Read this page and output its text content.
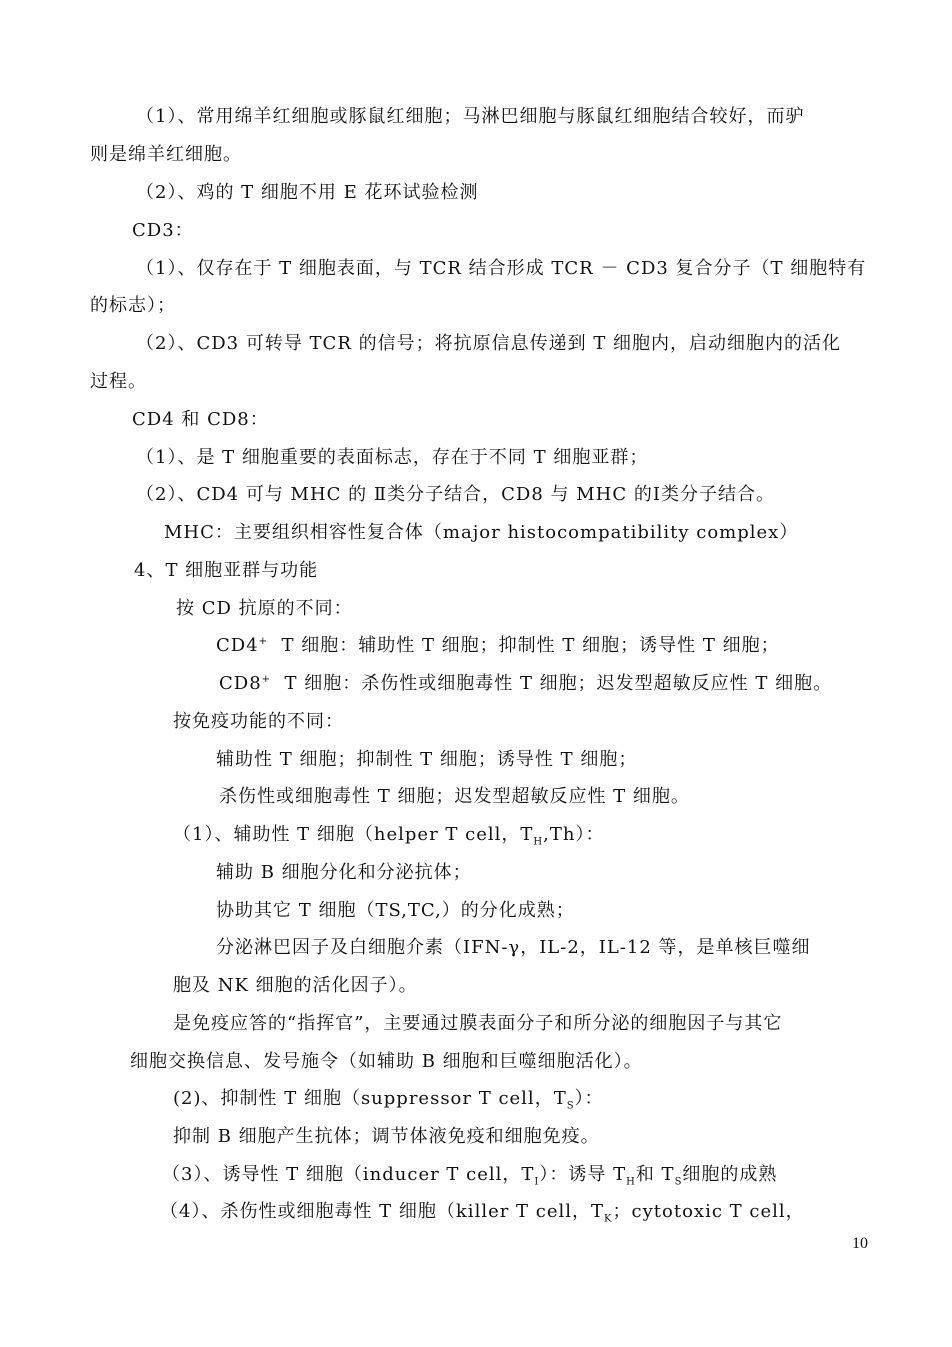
（1）、常用绵羊红细胞或豚鼠红细胞；马淋巴细胞与豚鼠红细胞结合较好，而驴
则是绵羊红细胞。
（2）、鸡的 T 细胞不用 E 花环试验检测
CD3：
（1）、仅存在于 T 细胞表面，与 TCR 结合形成 TCR － CD3 复合分子（T 细胞特有
的标志）；
（2）、CD3 可转导 TCR 的信号；将抗原信息传递到 T 细胞内，启动细胞内的活化
过程。
CD4 和 CD8：
（1）、是 T 细胞重要的表面标志，存在于不同 T 细胞亚群；
（2）、CD4 可与 MHC 的 Ⅱ类分子结合，CD8 与 MHC 的Ⅰ类分子结合。
MHC：主要组织相容性复合体（major histocompatibility complex）
4、T 细胞亚群与功能
按 CD 抗原的不同：
CD4+ T 细胞：辅助性 T 细胞；抑制性 T 细胞；诱导性 T 细胞；
CD8+ T 细胞：杀伤性或细胞毒性 T 细胞；迟发型超敏反应性 T 细胞。
按免疫功能的不同：
辅助性 T 细胞；抑制性 T 细胞；诱导性 T 细胞；
杀伤性或细胞毒性 T 细胞；迟发型超敏反应性 T 细胞。
（1）、辅助性 T 细胞（helper T cell，$T_H,Th$）：
辅助 B 细胞分化和分泌抗体；
协助其它 T 细胞（TS,TC,）的分化成熟；
分泌淋巴因子及白细胞介素（IFN-γ，IL-2，IL-12 等，是单核巨噬细
胞及 NK 细胞的活化因子）。
是免疫应答的“指挥官”，主要通过膜表面分子和所分泌的细胞因子与其它
细胞交换信息、发号施令（如辅助 B 细胞和巨噬细胞活化）。
(2)、抑制性 T 细胞（suppressor T cell，$T_S$）：
抑制 B 细胞产生抗体；调节体液免疫和细胞免疫。
（3）、诱导性 T 细胞（inducer T cell，$T_I$）：诱导 $T_H$和 $T_S$细胞的成熟
（4）、杀伤性或细胞毒性 T 细胞（killer T cell，$T_K$；cytotoxic T cell，
10
